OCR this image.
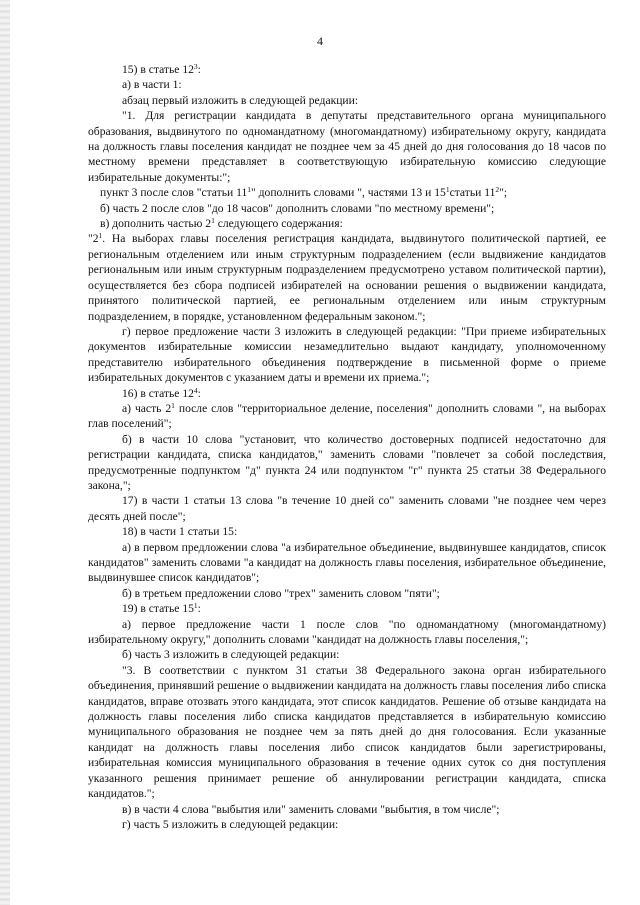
4

15) в статье $12^3$:

а) в части 1:

абзац первый изложить в следующей редакции:

"1. Для регистрации кандидата в депутаты представительного органа муниципального образования, выдвинутого по одномандатному (многомандатному) избирательному округу, кандидата на должность главы поселения кандидат не позднее чем за 45 дней до дня голосования до 18 часов по местному времени представляет в соответствующую избирательную комиссию следующие избирательные документы:";

пункт 3 после слов "статьи $11^1$" дополнить словами ", частями 13 и $15^1статьи$ $11^2$";

б) часть 2 после слов "до 18 часов" дополнить словами "по местному времени";

в) дополнить частью $2^1$ следующего содержания:

"$2^1$. На выборах главы поселения регистрация кандидата, выдвинутого политической партией, ее региональным отделением или иным структурным подразделением (если выдвижение кандидатов региональным или иным структурным подразделением предусмотрено уставом политической партии), осуществляется без сбора подписей избирателей на основании решения о выдвижении кандидата, принятого политической партией, ее региональным отделением или иным структурным подразделением, в порядке, установленном федеральным законом.";

г) первое предложение части 3 изложить в следующей редакции: "При приеме избирательных документов избирательные комиссии незамедлительно выдают кандидату, уполномоченному представителю избирательного объединения подтверждение в письменной форме о приеме избирательных документов с указанием даты и времени их приема.";

16) в статье $12^4$:

а) часть $2^1$ после слов "территориальное деление, поселения" дополнить словами ", на выборах глав поселений";

б) в части 10 слова "установит, что количество достоверных подписей недостаточно для регистрации кандидата, списка кандидатов," заменить словами "повлечет за собой последствия, предусмотренные подпунктом "д" пункта 24 или подпунктом "г" пункта 25 статьи 38 Федерального закона,";

17) в части 1 статьи 13 слова "в течение 10 дней со" заменить словами "не позднее чем через десять дней после";

18) в части 1 статьи 15:

а) в первом предложении слова "а избирательное объединение, выдвинувшее кандидатов, список кандидатов" заменить словами "а кандидат на должность главы поселения, избирательное объединение, выдвинувшее список кандидатов";

б) в третьем предложении слово "трех" заменить словом "пяти";

19) в статье $15^1$:

а) первое предложение части 1 после слов "по одномандатному (многомандатному) избирательному округу," дополнить словами "кандидат на должность главы поселения,";

б) часть 3 изложить в следующей редакции:

"3. В соответствии с пунктом 31 статьи 38 Федерального закона орган избирательного объединения, принявший решение о выдвижении кандидата на должность главы поселения либо списка кандидатов, вправе отозвать этого кандидата, этот список кандидатов. Решение об отзыве кандидата на должность главы поселения либо списка кандидатов представляется в избирательную комиссию муниципального образования не позднее чем за пять дней до дня голосования. Если указанные кандидат на должность главы поселения либо список кандидатов были зарегистрированы, избирательная комиссия муниципального образования в течение одних суток со дня поступления указанного решения принимает решение об аннулировании регистрации кандидата, списка кандидатов.";

в) в части 4 слова "выбытия или" заменить словами "выбытия, в том числе";

г) часть 5 изложить в следующей редакции:
